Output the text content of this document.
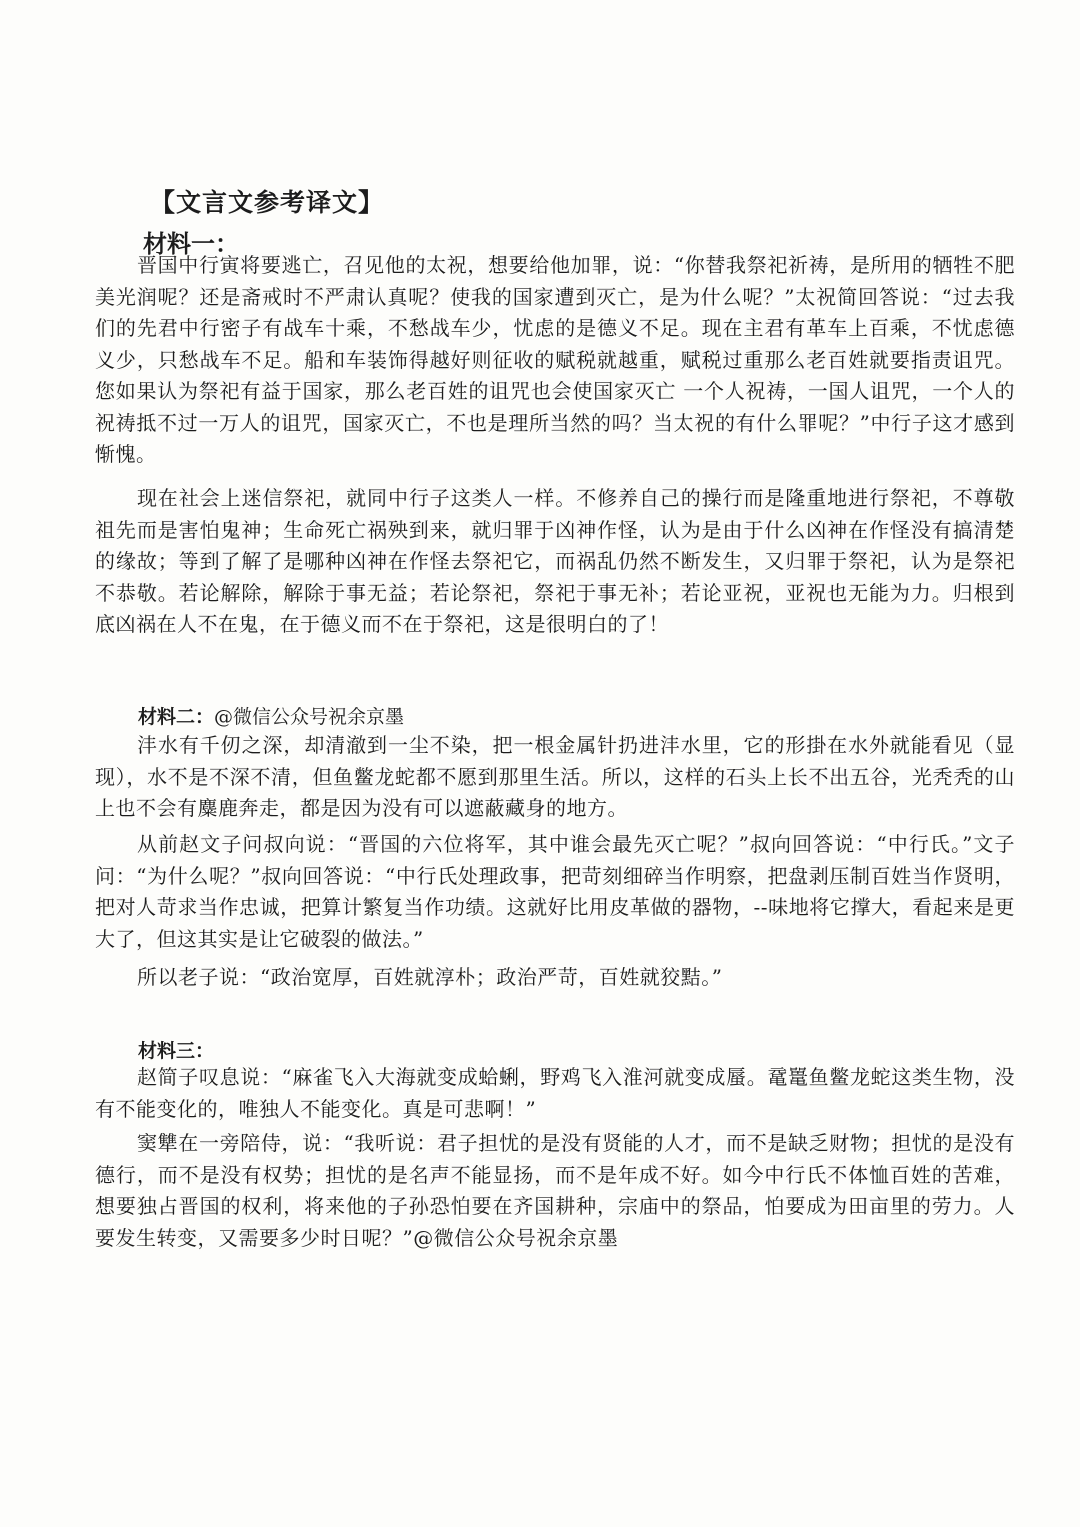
【文言文参考译文】
材料一：

晋国中行寅将要逃亡，召见他的太祝，想要给他加罪，说：“你替我祭祀祈祷，是所用的牺牲不肥美光润呢？还是斋戒时不严肃认真呢？使我的国家遭到灭亡，是为什么呢？”太祝简回答说：“过去我们的先君中行密子有战车十乘，不愁战车少，忧虑的是德义不足。现在主君有革车上百乘，不忧虑德义少，只愁战车不足。船和车装饰得越好则征收的赋税就越重，赋税过重那么老百姓就要指责诅咒。您如果认为祭祀有益于国家，那么老百姓的诅咒也会使国家灭亡 一个人祝祷，一国人诅咒，一个人的祝祷抵不过一万人的诅咒，国家灭亡，不也是理所当然的吗？当太祝的有什么罪呢？”中行子这才感到惭愧。

现在社会上迷信祭祀，就同中行子这类人一样。不修养自己的操行而是隆重地进行祭祀，不尊敬祖先而是害怕鬼神；生命死亡祸殃到来，就归罪于凶神作怪，认为是由于什么凶神在作怪没有搞清楚的缘故；等到了解了是哪种凶神在作怪去祭祀它，而祸乱仍然不断发生，又归罪于祭祀，认为是祭祀不恭敬。若论解除，解除于事无益；若论祭祀，祭祀于事无补；若论亚祝，亚祝也无能为力。归根到底凶祸在人不在鬼，在于德义而不在于祭祀，这是很明白的了！

材料二：@微信公众号祝余京墨

沣水有千仞之深，却清澈到一尘不染，把一根金属针扔进沣水里，它的形掛在水外就能看见（显现），水不是不深不清，但鱼鳖龙蛇都不愿到那里生活。所以，这样的石头上长不出五谷，光秃秃的山上也不会有麋鹿奔走，都是因为没有可以遮蔽藏身的地方。

从前赵文子问叔向说：“晋国的六位将军，其中谁会最先灭亡呢？”叔向回答说：“中行氏。”文子问：“为什么呢？”叔向回答说：“中行氏处理政事，把苛刻细碎当作明察，把盘剥压制百姓当作贤明，把对人苛求当作忠诚，把算计繁复当作功绩。这就好比用皮革做的器物，--味地将它撑大，看起来是更大了，但这其实是让它破裂的做法。”

所以老子说：“政治宽厚，百姓就淳朴；政治严苛，百姓就狡黠。”

材料三：

赵简子叹息说：“麻雀飞入大海就变成蛤蜊，野鸡飞入淮河就变成蜃。鼋鼍鱼鳖龙蛇这类生物，没有不能变化的，唯独人不能变化。真是可悲啊！”

窦犨在一旁陪侍，说：“我听说：君子担忧的是没有贤能的人才，而不是缺乏财物；担忧的是没有德行，而不是没有权势；担忧的是名声不能显扬，而不是年成不好。如今中行氏不体恤百姓的苦难，想要独占晋国的权利，将来他的子孙恐怕要在齐国耕种，宗庙中的祭品，怕要成为田亩里的劳力。人要发生转变，又需要多少时日呢？”@微信公众号祝余京墨
